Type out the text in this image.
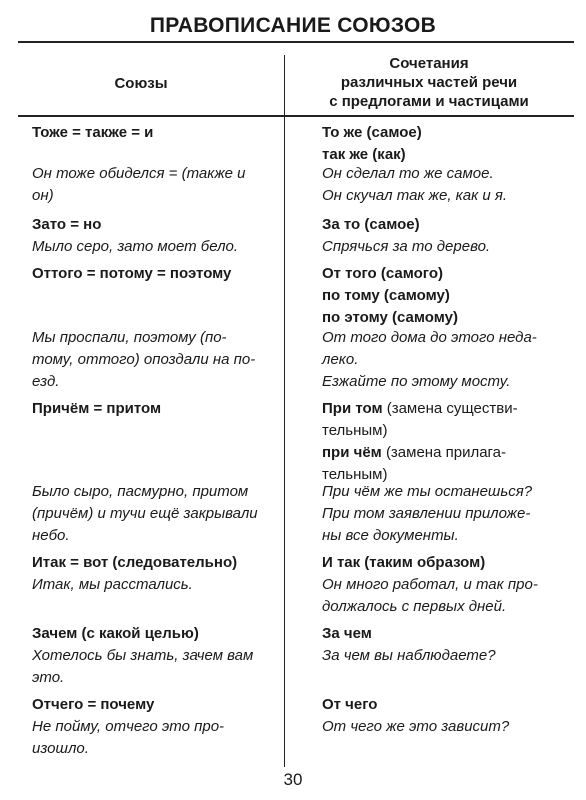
ПРАВОПИСАНИЕ СОЮЗОВ
Союзы
Сочетания
различных частей речи
с предлогами и частицами
Тоже = также = и
Он тоже обиделся = (также и
он)
Зато = но
Мыло серо, зато моет бело.
Оттого = потому = поэтому
Мы проспали, поэтому (по-
тому, оттого) опоздали на по-
езд.
Причём = притом
Было сыро, пасмурно, притом
(причём) и тучи ещё закрывали
небо.
Итак = вот (следовательно)
Итак, мы расстались.
Зачем (с какой целью)
Хотелось бы знать, зачем вам
это.
Отчего = почему
Не пойму, отчего это про-
изошло.
То же (самое)
так же (как)
Он сделал то же самое.
Он скучал так же, как и я.
За то (самое)
Спрячься за то дерево.
От того (самого)
по тому (самому)
по этому (самому)
От того дома до этого неда-
леко.
Езжайте по этому мосту.
При том (замена существи-
тельным)
при чём (замена прилага-
тельным)
При чём же ты останешься?
При том заявлении приложе-
ны все документы.
И так (таким образом)
Он много работал, и так про-
должалось с первых дней.
За чем
За чем вы наблюдаете?
От чего
От чего же это зависит?
30
